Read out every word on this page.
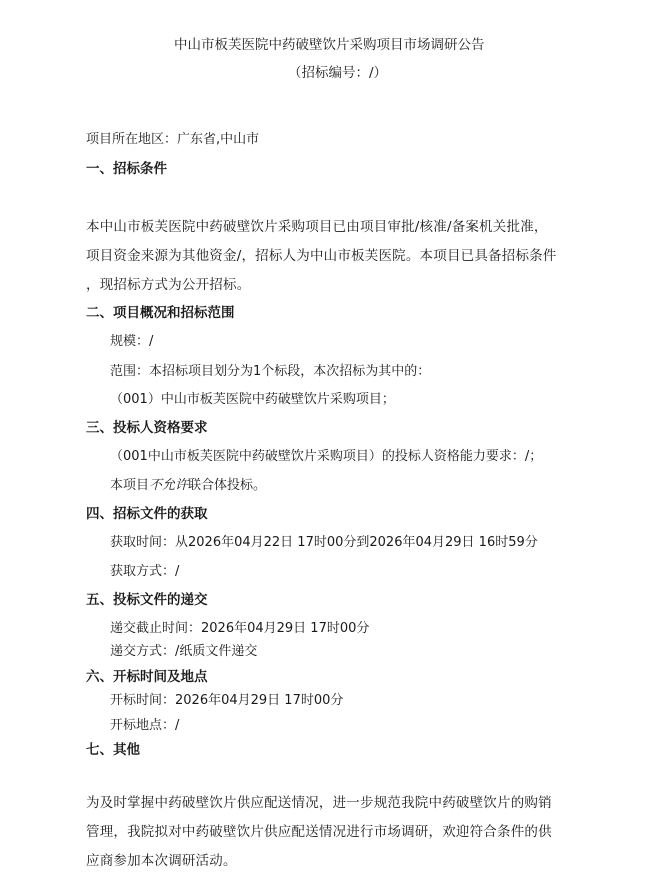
中山市板芙医院中药破壁饮片采购项目市场调研公告
（招标编号：/）
项目所在地区：广东省,中山市
一、招标条件
本中山市板芙医院中药破壁饮片采购项目已由项目审批/核准/备案机关批准，
项目资金来源为其他资金/，招标人为中山市板芙医院。本项目已具备招标条件
，现招标方式为公开招标。
二、项目概况和招标范围
规模：/
范围：本招标项目划分为1个标段，本次招标为其中的：
（001）中山市板芙医院中药破壁饮片采购项目；
三、投标人资格要求
（001中山市板芙医院中药破壁饮片采购项目）的投标人资格能力要求：/；
本项目不允许联合体投标。
四、招标文件的获取
获取时间：从2026年04月22日 17时00分到2026年04月29日 16时59分
获取方式：/
五、投标文件的递交
递交截止时间：2026年04月29日 17时00分
递交方式：/纸质文件递交
六、开标时间及地点
开标时间：2026年04月29日 17时00分
开标地点：/
七、其他
为及时掌握中药破壁饮片供应配送情况，进一步规范我院中药破壁饮片的购销
管理，我院拟对中药破壁饮片供应配送情况进行市场调研，欢迎符合条件的供
应商参加本次调研活动。
